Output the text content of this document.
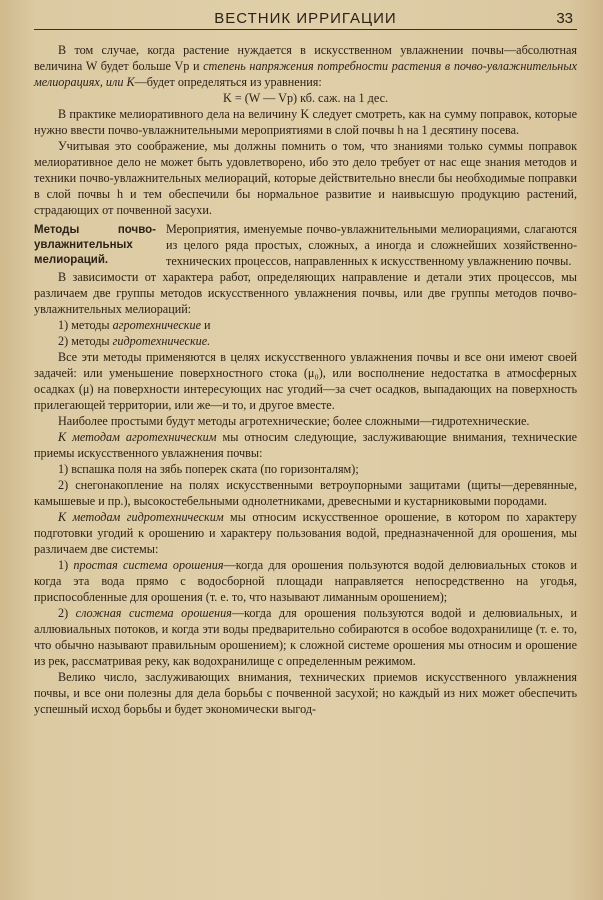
ВЕСТНИК ИРРИГАЦИИ	33

В том случае, когда растение нуждается в искусственном увлажнении почвы—абсолютная величина W будет больше Vp и степень напряжения потребности растения в почво-увлажнительных мелиорациях, или K—будет определяться из уравнения:

K = (W — Vp) кб. саж. на 1 дес.

В практике мелиоративного дела на величину K следует смотреть, как на сумму поправок, которые нужно ввести почво-увлажнительными мероприятиями в слой почвы h на 1 десятину посева.

Учитывая это соображение, мы должны помнить о том, что знаниями только суммы поправок мелиоративное дело не может быть удовлетворено, ибо это дело требует от нас еще знания методов и техники почво-увлажнительных мелиораций, которые действительно внесли бы необходимые поправки в слой почвы h и тем обеспечили бы нормальное развитие и наивысшую продукцию растений, страдающих от почвенной засухи.

Методы почво-увлажнительных мелиораций.

Мероприятия, именуемые почво-увлажнительными мелиорациями, слагаются из целого ряда простых, сложных, а иногда и сложнейших хозяйственно-технических процессов, направленных к искусственному увлажнению почвы.

В зависимости от характера работ, определяющих направление и детали этих процессов, мы различаем две группы методов искусственного увлажнения почвы, или две группы методов почво-увлажнительных мелиораций:

1) методы агротехнические и

2) методы гидротехнические.

Все эти методы применяются в целях искусственного увлажнения почвы и все они имеют своей задачей: или уменьшение поверхностного стока (μ₀), или восполнение недостатка в атмосферных осадках (μ) на поверхности интересующих нас угодий—за счет осадков, выпадающих на поверхность прилегающей территории, или же—и то, и другое вместе.

Наиболее простыми будут методы агротехнические; более сложными—гидротехнические.

К методам агротехническим мы относим следующие, заслуживающие внимания, технические приемы искусственного увлажнения почвы:

1) вспашка поля на зябь поперек ската (по горизонталям);

2) снегонакопление на полях искусственными ветроупорными защитами (щиты—деревянные, камышевые и пр.), высокостебельными однолетниками, древесными и кустарниковыми породами.

К методам гидротехническим мы относим искусственное орошение, в котором по характеру подготовки угодий к орошению и характеру пользования водой, предназначенной для орошения, мы различаем две системы:

1) простая система орошения—когда для орошения пользуются водой делювиальных стоков и когда эта вода прямо с водосборной площади направляется непосредственно на угодья, приспособленные для орошения (т. е. то, что называют лиманным орошением);

2) сложная система орошения—когда для орошения пользуются водой и делювиальных, и аллювиальных потоков, и когда эти воды предварительно собираются в особое водохранилище (т. е. то, что обычно называют правильным орошением); к сложной системе орошения мы относим и орошение из рек, рассматривая реку, как водохранилище с определенным режимом.

Велико число, заслуживающих внимания, технических приемов искусственного увлажнения почвы, и все они полезны для дела борьбы с почвенной засухой; но каждый из них может обеспечить успешный исход борьбы и будет экономически выгод-
